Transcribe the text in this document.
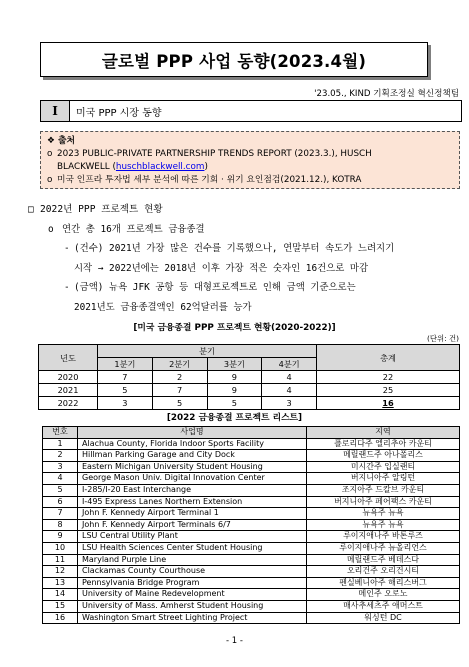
글로벌 PPP 사업 동향(2023.4월)
'23.05., KIND 기획조정실 혁신정책팀
I	미국 PPP 시장 동향
❖ 출처
o 2023 PUBLIC-PRIVATE PARTNERSHIP TRENDS REPORT (2023.3.), HUSCH
BLACKWELL (huschblackwell.com)
o 미국 인프라 투자법 세부 분석에 따른 기회 · 위기 요인점검(2021.12.), KOTRA
□ 2022년 PPP 프로젝트 현황
o 연간 총 16개 프로젝트 금융종결
- (건수) 2021년 가장 많은 건수를 기록했으나, 연말부터 속도가 느려지기
시작 → 2022년에는 2018년 이후 가장 적은 숫자인 16건으로 마감
- (금액) 뉴욕 JFK 공항 등 대형프로젝트로 인해 금액 기준으로는
2021년도 금융종결액인 62억달러를 능가
[미국 금융종결 PPP 프로젝트 현황(2020-2022)]
(단위: 건)
년도	분기				총계
	1분기	2분기	3분기	4분기	
2020	7	2	9	4	22
2021	5	7	9	4	25
2022	3	5	5	3	16
[2022 금융종결 프로젝트 리스트]
번호	사업명	지역
1	Alachua County, Florida Indoor Sports Facility	플로리다주 엘리추아 카운티
2	Hillman Parking Garage and City Dock	메릴랜드주 아나폴리스
3	Eastern Michigan University Student Housing	미시간주 입실랜티
4	George Mason Univ. Digital Innovation Center	버지니아주 알링턴
5	I-285/I-20 East Interchange	조지아주 드칼브 카운티
6	I-495 Express Lanes Northern Extension	버지니아주 페어팩스 카운티
7	John F. Kennedy Airport Terminal 1	뉴욕주 뉴욕
8	John F. Kennedy Airport Terminals 6/7	뉴욕주 뉴욕
9	LSU Central Utility Plant	루이지애나주 바톤루즈
10	LSU Health Sciences Center Student Housing	루이지애나주 뉴올리언스
11	Maryland Purple Line	메릴랜드주 베데스다
12	Clackamas County Courthouse	오리건주 오리건시티
13	Pennsylvania Bridge Program	펜실베니아주 해리스버그
14	University of Maine Redevelopment	메인주 오로노
15	University of Mass. Amherst Student Housing	매사추세츠주 애머스트
16	Washington Smart Street Lighting Project	워싱턴 DC
- 1 -
